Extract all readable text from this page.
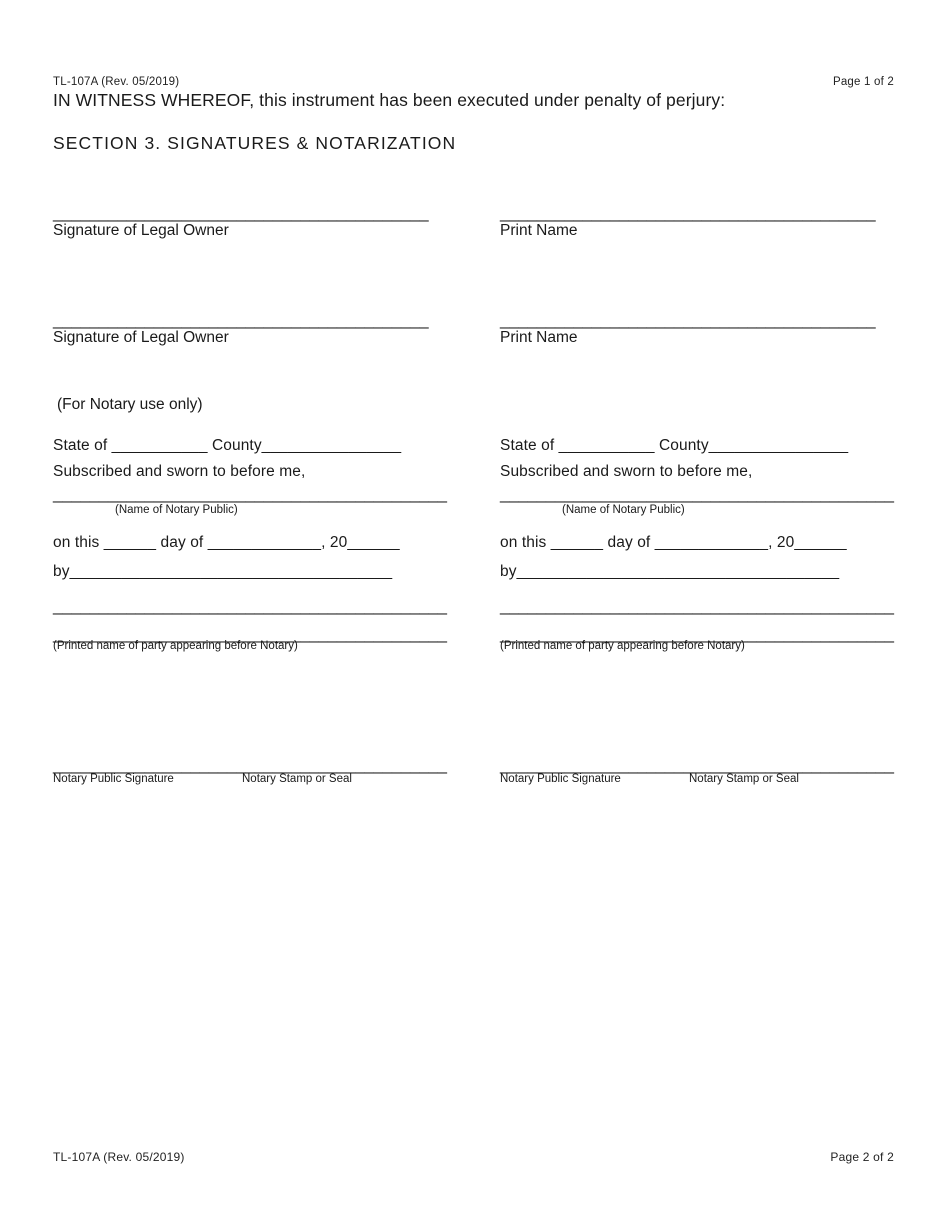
TL-107A (Rev. 05/2019)	Page 1 of 2
IN WITNESS WHEREOF, this instrument has been executed under penalty of perjury:
SECTION 3. SIGNATURES & NOTARIZATION
_________________________________________
Signature of Legal Owner
_________________________________________
Print Name
_________________________________________
Signature of Legal Owner
_________________________________________
Print Name
(For Notary use only)
State of ___________ County________________
Subscribed and sworn to before me,
___________________________________________
(Name of Notary Public)
on this ______ day of _____________, 20______
by_____________________________________
___________________________________________
___________________________________________
(Printed name of party appearing before Notary)
___________________________________________
Notary Public Signature	Notary Stamp or Seal
State of ___________ County________________
Subscribed and sworn to before me,
___________________________________________
(Name of Notary Public)
on this ______ day of _____________, 20______
by_____________________________________
___________________________________________
___________________________________________
(Printed name of party appearing before Notary)
___________________________________________
Notary Public Signature	Notary Stamp or Seal
TL-107A (Rev. 05/2019)	Page 2 of 2
